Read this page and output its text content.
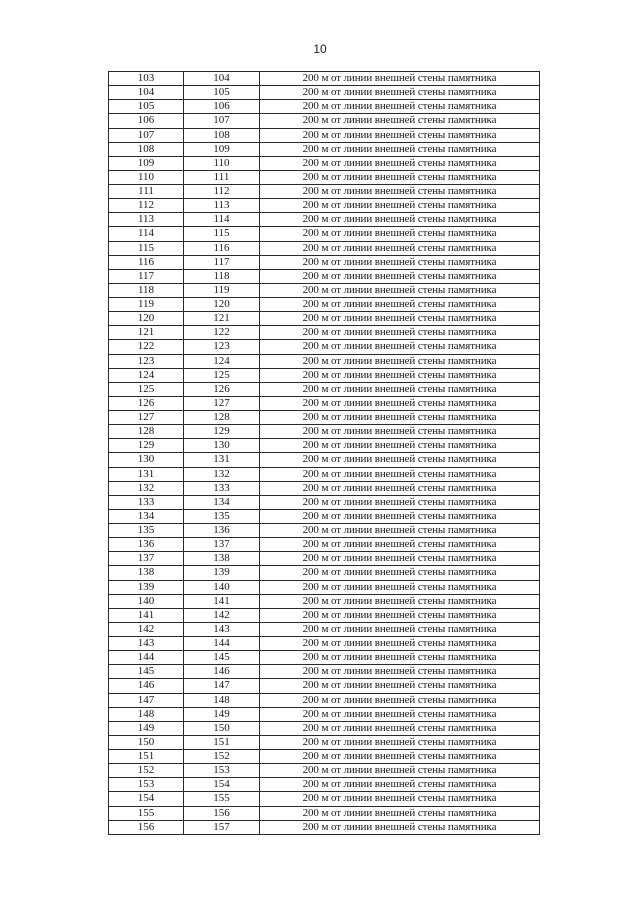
10
103	104	200 м от линии внешней стены памятника
104	105	200 м от линии внешней стены памятника
105	106	200 м от линии внешней стены памятника
106	107	200 м от линии внешней стены памятника
107	108	200 м от линии внешней стены памятника
108	109	200 м от линии внешней стены памятника
109	110	200 м от линии внешней стены памятника
110	111	200 м от линии внешней стены памятника
111	112	200 м от линии внешней стены памятника
112	113	200 м от линии внешней стены памятника
113	114	200 м от линии внешней стены памятника
114	115	200 м от линии внешней стены памятника
115	116	200 м от линии внешней стены памятника
116	117	200 м от линии внешней стены памятника
117	118	200 м от линии внешней стены памятника
118	119	200 м от линии внешней стены памятника
119	120	200 м от линии внешней стены памятника
120	121	200 м от линии внешней стены памятника
121	122	200 м от линии внешней стены памятника
122	123	200 м от линии внешней стены памятника
123	124	200 м от линии внешней стены памятника
124	125	200 м от линии внешней стены памятника
125	126	200 м от линии внешней стены памятника
126	127	200 м от линии внешней стены памятника
127	128	200 м от линии внешней стены памятника
128	129	200 м от линии внешней стены памятника
129	130	200 м от линии внешней стены памятника
130	131	200 м от линии внешней стены памятника
131	132	200 м от линии внешней стены памятника
132	133	200 м от линии внешней стены памятника
133	134	200 м от линии внешней стены памятника
134	135	200 м от линии внешней стены памятника
135	136	200 м от линии внешней стены памятника
136	137	200 м от линии внешней стены памятника
137	138	200 м от линии внешней стены памятника
138	139	200 м от линии внешней стены памятника
139	140	200 м от линии внешней стены памятника
140	141	200 м от линии внешней стены памятника
141	142	200 м от линии внешней стены памятника
142	143	200 м от линии внешней стены памятника
143	144	200 м от линии внешней стены памятника
144	145	200 м от линии внешней стены памятника
145	146	200 м от линии внешней стены памятника
146	147	200 м от линии внешней стены памятника
147	148	200 м от линии внешней стены памятника
148	149	200 м от линии внешней стены памятника
149	150	200 м от линии внешней стены памятника
150	151	200 м от линии внешней стены памятника
151	152	200 м от линии внешней стены памятника
152	153	200 м от линии внешней стены памятника
153	154	200 м от линии внешней стены памятника
154	155	200 м от линии внешней стены памятника
155	156	200 м от линии внешней стены памятника
156	157	200 м от линии внешней стены памятника
